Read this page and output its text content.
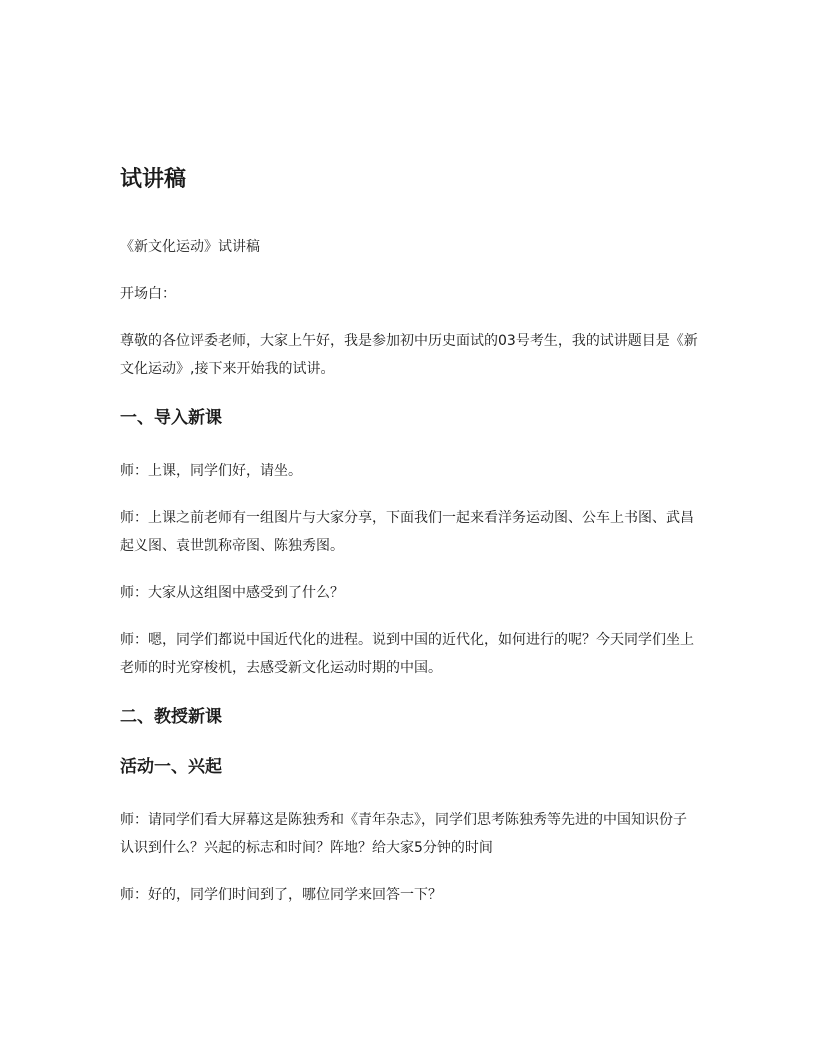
试讲稿

《新文化运动》试讲稿

开场白：

尊敬的各位评委老师，大家上午好，我是参加初中历史面试的03号考生，我的试讲题目是《新文化运动》,接下来开始我的试讲。

一、导入新课

师：上课，同学们好，请坐。

师：上课之前老师有一组图片与大家分享，下面我们一起来看洋务运动图、公车上书图、武昌起义图、袁世凯称帝图、陈独秀图。

师：大家从这组图中感受到了什么？

师：嗯，同学们都说中国近代化的进程。说到中国的近代化，如何进行的呢？今天同学们坐上老师的时光穿梭机，去感受新文化运动时期的中国。

二、教授新课
活动一、兴起

师：请同学们看大屏幕这是陈独秀和《青年杂志》，同学们思考陈独秀等先进的中国知识份子认识到什么？兴起的标志和时间？阵地？给大家5分钟的时间

师：好的，同学们时间到了，哪位同学来回答一下？
